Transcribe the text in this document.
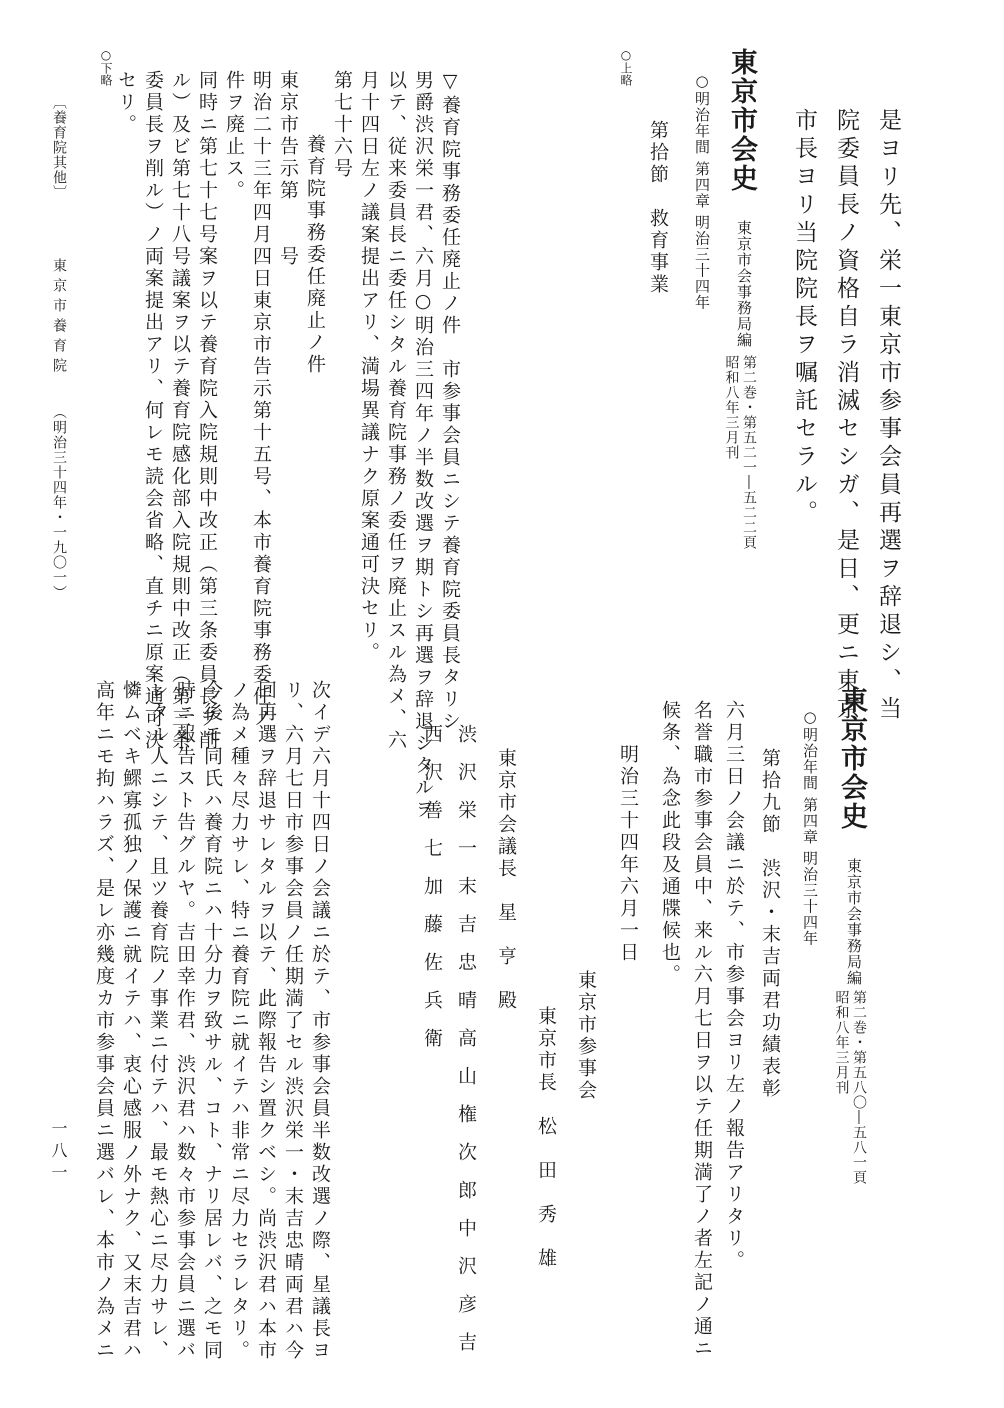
是ヨリ先、栄一東京市参事会員再選ヲ辞退シ、当
院委員長ノ資格自ラ消滅セシガ、是日、更ニ東京
市長ヨリ当院院長ヲ嘱託セラル。
東京市会史
東京市会事務局編
第二巻・第五二一―五二二頁
昭和八年三月刊
○明治年間 第四章 明治三十四年
第拾節　救育事業
○上略
▽養育院事務委任廃止ノ件　市参事会員ニシテ養育院委員長タリシ
男爵渋沢栄一君、六月○明治三四年ノ半数改選ヲ期トシ再選ヲ辞退シタルヲ
以テ、従来委員長ニ委任シタル養育院事務ノ委任ヲ廃止スル為メ、六
月十四日左ノ議案提出アリ、満場異議ナク原案通可決セリ。
第七十六号
　　養育院事務委任廃止ノ件
東京市告示第　　号
明治二十三年四月四日東京市告示第十五号、本市養育院事務委任ノ
件ヲ廃止ス。
同時ニ第七十七号案ヲ以テ養育院入院規則中改正（第三条委員長ヲ削
ル）及ビ第七十八号議案ヲ以テ養育院感化部入院規則中改正（第三条
委員長ヲ削ル）ノ両案提出アリ、何レモ読会省略、直チニ原案通可決
セリ。
○下略
〔養育院其他〕
東京市養育院
（明治三十四年・一九〇一）
東京市会史
東京市会事務局編
第二巻・第五八〇―五八一頁
昭和八年三月刊
○明治年間 第四章 明治三十四年
第拾九節　渋沢・末吉両君功績表彰
六月三日ノ会議ニ於テ、市参事会ヨリ左ノ報告アリタリ。
名誉職市参事会員中、来ル六月七日ヲ以テ任期満了ノ者左記ノ通ニ
候条、為念此段及通牒候也。
明治三十四年六月一日
東京市参事会
東京市長　松　田　秀　雄
東京市会議長　星　亨　殿
渋　沢　栄　一　末　吉　忠　晴　高　山　権　次　郎　中　沢　彦　吉
西　沢　善　七　加　藤　佐　兵　衛
次イデ六月十四日ノ会議ニ於テ、市参事会員半数改選ノ際、星議長ヨ
リ、六月七日市参事会員ノ任期満了セル渋沢栄一・末吉忠晴両君ハ今
回再選ヲ辞退サレタルヲ以テ、此際報告シ置クベシ。尚渋沢君ハ本市
ノ為メ種々尽力サレ、特ニ養育院ニ就イテハ非常ニ尽力セラレタリ。
今後モ同氏ハ養育院ニハ十分力ヲ致サル、コト、ナリ居レバ、之モ同
時ニ報告スト告グルヤ。吉田幸作君、渋沢君ハ数々市参事会員ニ選バ
レタル人ニシテ、且ツ養育院ノ事業ニ付テハ、最モ熱心ニ尽力サレ、
憐ムベキ鰥寡孤独ノ保護ニ就イテハ、衷心感服ノ外ナク、又末吉君ハ
高年ニモ拘ハラズ、是レ亦幾度カ市参事会員ニ選バレ、本市ノ為メニ
一八一
